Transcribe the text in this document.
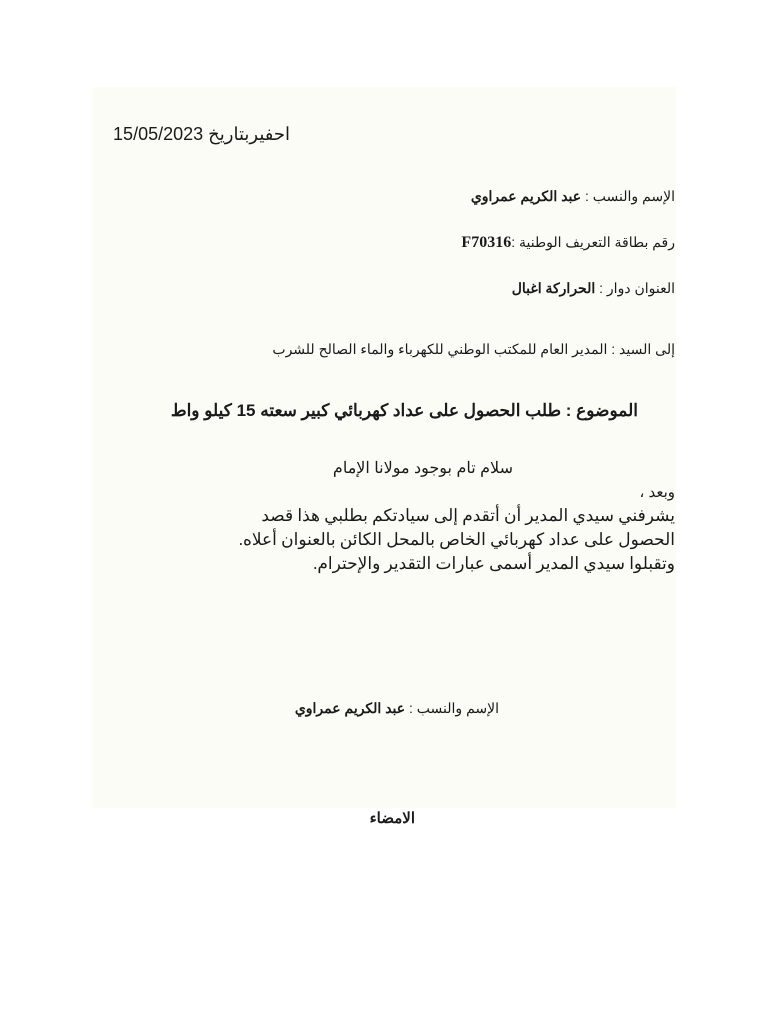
احفيربتاريخ 15/05/2023
الإسم والنسب : عبد الكريم عمراوي
رقم بطاقة التعريف الوطنية :F70316
العنوان دوار : الحراركة اغبال
إلى السيد : المدير العام للمكتب الوطني للكهرباء والماء الصالح للشرب
الموضوع : طلب الحصول على عداد كهربائي كبير سعته 15 كيلو واط
سلام تام بوجود مولانا الإمام
وبعد ،
يشرفني سيدي المدير أن أتقدم إلى سيادتكم بطلبي هذا قصد
الحصول على عداد كهربائي الخاص بالمحل الكائن بالعنوان أعلاه.
وتقبلوا سيدي المدير أسمى عبارات التقدير والإحترام.
الإسم والنسب : عبد الكريم عمراوي
الامضاء
